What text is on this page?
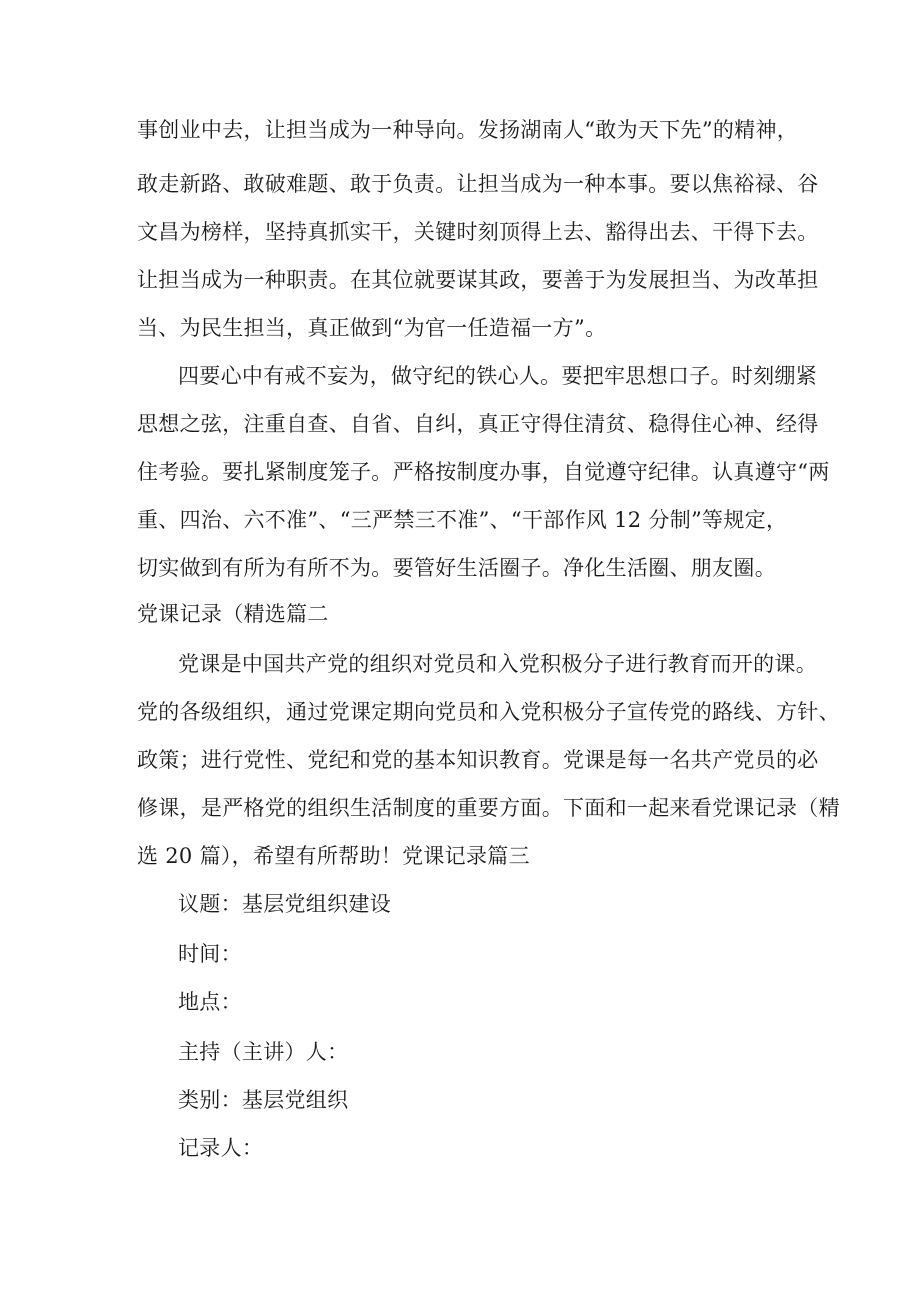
事创业中去，让担当成为一种导向。发扬湖南人“敢为天下先”的精神，
敢走新路、敢破难题、敢于负责。让担当成为一种本事。要以焦裕禄、谷
文昌为榜样，坚持真抓实干，关键时刻顶得上去、豁得出去、干得下去。
让担当成为一种职责。在其位就要谋其政，要善于为发展担当、为改革担
当、为民生担当，真正做到“为官一任造福一方”。
四要心中有戒不妄为，做守纪的铁心人。要把牢思想口子。时刻绷紧
思想之弦，注重自查、自省、自纠，真正守得住清贫、稳得住心神、经得
住考验。要扎紧制度笼子。严格按制度办事，自觉遵守纪律。认真遵守“两
重、四治、六不准”、“三严禁三不准”、“干部作风 12 分制”等规定，
切实做到有所为有所不为。要管好生活圈子。净化生活圈、朋友圈。
党课记录（精选篇二
党课是中国共产党的组织对党员和入党积极分子进行教育而开的课。
党的各级组织，通过党课定期向党员和入党积极分子宣传党的路线、方针、
政策；进行党性、党纪和党的基本知识教育。党课是每一名共产党员的必
修课，是严格党的组织生活制度的重要方面。下面和一起来看党课记录（精
选 20 篇），希望有所帮助！党课记录篇三
议题：基层党组织建设
时间：
地点：
主持（主讲）人：
类别：基层党组织
记录人：
